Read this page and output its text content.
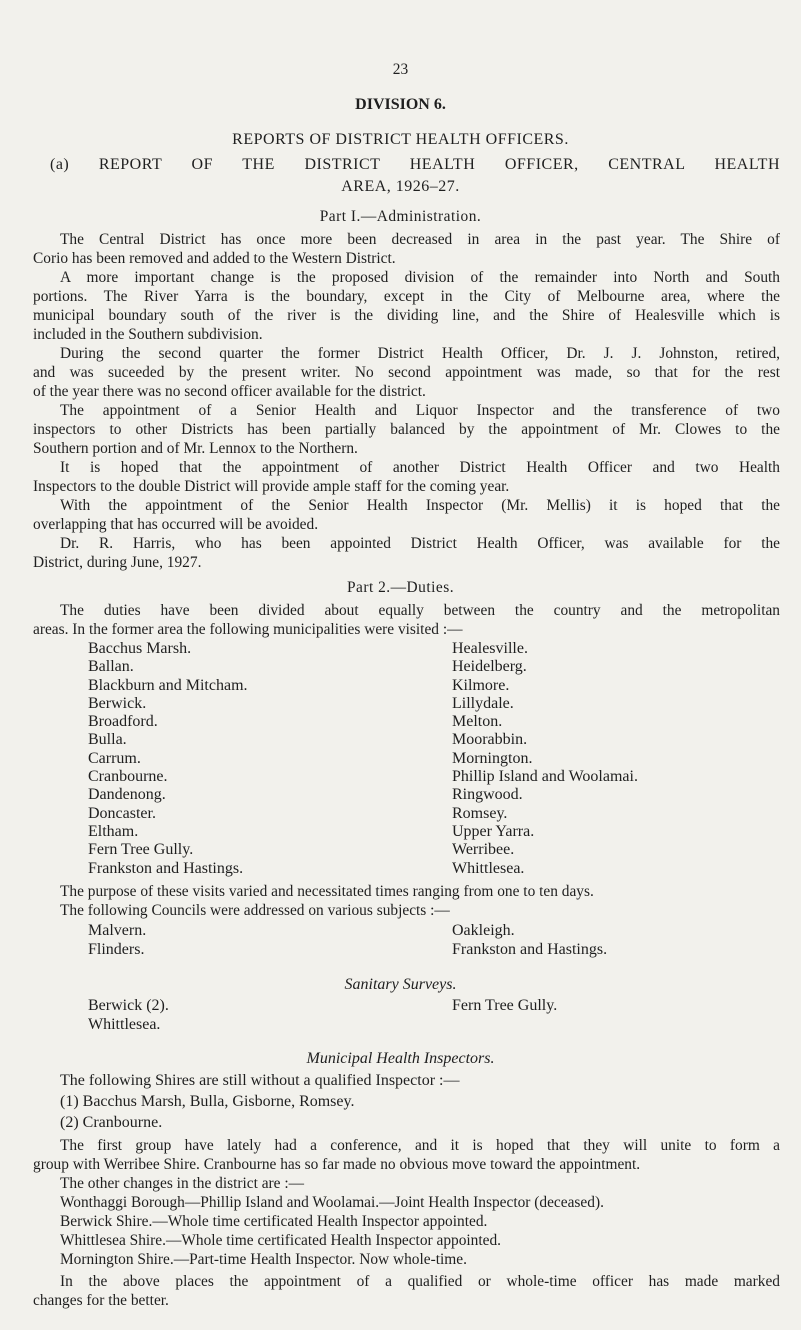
23
DIVISION 6.
REPORTS OF DISTRICT HEALTH OFFICERS.
(a) REPORT OF THE DISTRICT HEALTH OFFICER, CENTRAL HEALTH
AREA, 1926–27.
Part I.—Administration.
The Central District has once more been decreased in area in the past year. The Shire of
Corio has been removed and added to the Western District.
A more important change is the proposed division of the remainder into North and South
portions. The River Yarra is the boundary, except in the City of Melbourne area, where the
municipal boundary south of the river is the dividing line, and the Shire of Healesville which is
included in the Southern subdivision.
During the second quarter the former District Health Officer, Dr. J. J. Johnston, retired,
and was suceeded by the present writer. No second appointment was made, so that for the rest
of the year there was no second officer available for the district.
The appointment of a Senior Health and Liquor Inspector and the transference of two
inspectors to other Districts has been partially balanced by the appointment of Mr. Clowes to the
Southern portion and of Mr. Lennox to the Northern.
It is hoped that the appointment of another District Health Officer and two Health
Inspectors to the double District will provide ample staff for the coming year.
With the appointment of the Senior Health Inspector (Mr. Mellis) it is hoped that the
overlapping that has occurred will be avoided.
Dr. R. Harris, who has been appointed District Health Officer, was available for the
District, during June, 1927.
Part 2.—Duties.
The duties have been divided about equally between the country and the metropolitan
areas. In the former area the following municipalities were visited :—
Bacchus Marsh.
Ballan.
Blackburn and Mitcham.
Berwick.
Broadford.
Bulla.
Carrum.
Cranbourne.
Dandenong.
Doncaster.
Eltham.
Fern Tree Gully.
Frankston and Hastings.
Healesville.
Heidelberg.
Kilmore.
Lillydale.
Melton.
Moorabbin.
Mornington.
Phillip Island and Woolamai.
Ringwood.
Romsey.
Upper Yarra.
Werribee.
Whittlesea.
The purpose of these visits varied and necessitated times ranging from one to ten days.
The following Councils were addressed on various subjects :—
Malvern.
Flinders.
Oakleigh.
Frankston and Hastings.
Sanitary Surveys.
Berwick (2).
Whittlesea.
Fern Tree Gully.
Municipal Health Inspectors.
The following Shires are still without a qualified Inspector :—
(1) Bacchus Marsh, Bulla, Gisborne, Romsey.
(2) Cranbourne.
The first group have lately had a conference, and it is hoped that they will unite to form a
group with Werribee Shire. Cranbourne has so far made no obvious move toward the appointment.
The other changes in the district are :—
Wonthaggi Borough—Phillip Island and Woolamai.—Joint Health Inspector (deceased).
Berwick Shire.—Whole time certificated Health Inspector appointed.
Whittlesea Shire.—Whole time certificated Health Inspector appointed.
Mornington Shire.—Part-time Health Inspector. Now whole-time.
In the above places the appointment of a qualified or whole-time officer has made marked
changes for the better.
